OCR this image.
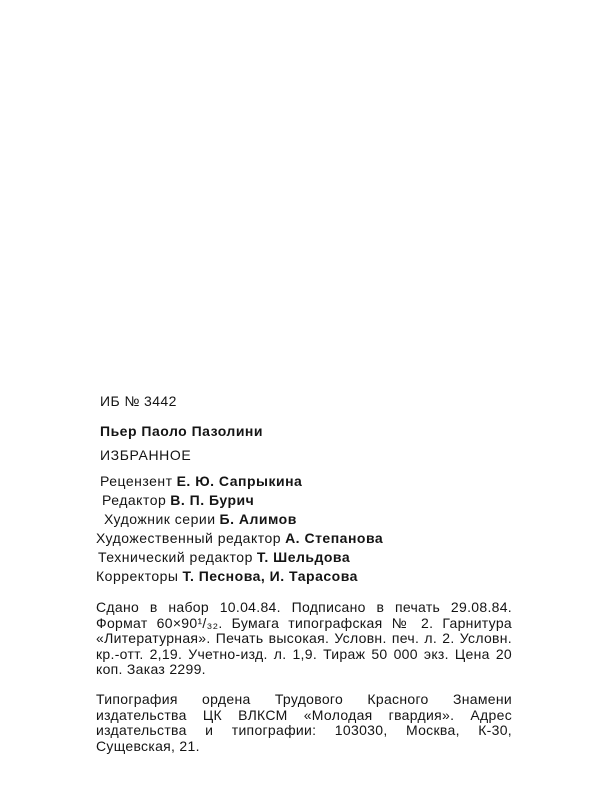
ИБ № 3442
Пьер Паоло Пазолини
ИЗБРАННОЕ
Рецензент Е. Ю. Сапрыкина
Редактор В. П. Бурич
Художник серии Б. Алимов
Художественный редактор А. Степанова
Технический редактор Т. Шельдова
Корректоры Т. Песнова, И. Тарасова

Сдано в набор 10.04.84. Подписано в печать 29.08.84. Формат 60×90¹/₃₂. Бумага типографская № 2. Гарнитура «Литературная». Печать высокая. Условн. печ. л. 2. Условн. кр.-отт. 2,19. Учетно-изд. л. 1,9. Тираж 50 000 экз. Цена 20 коп. Заказ 2299.

Типография ордена Трудового Красного Знамени издательства ЦК ВЛКСМ «Молодая гвардия». Адрес издательства и типографии: 103030, Москва, К-30, Сущевская, 21.
